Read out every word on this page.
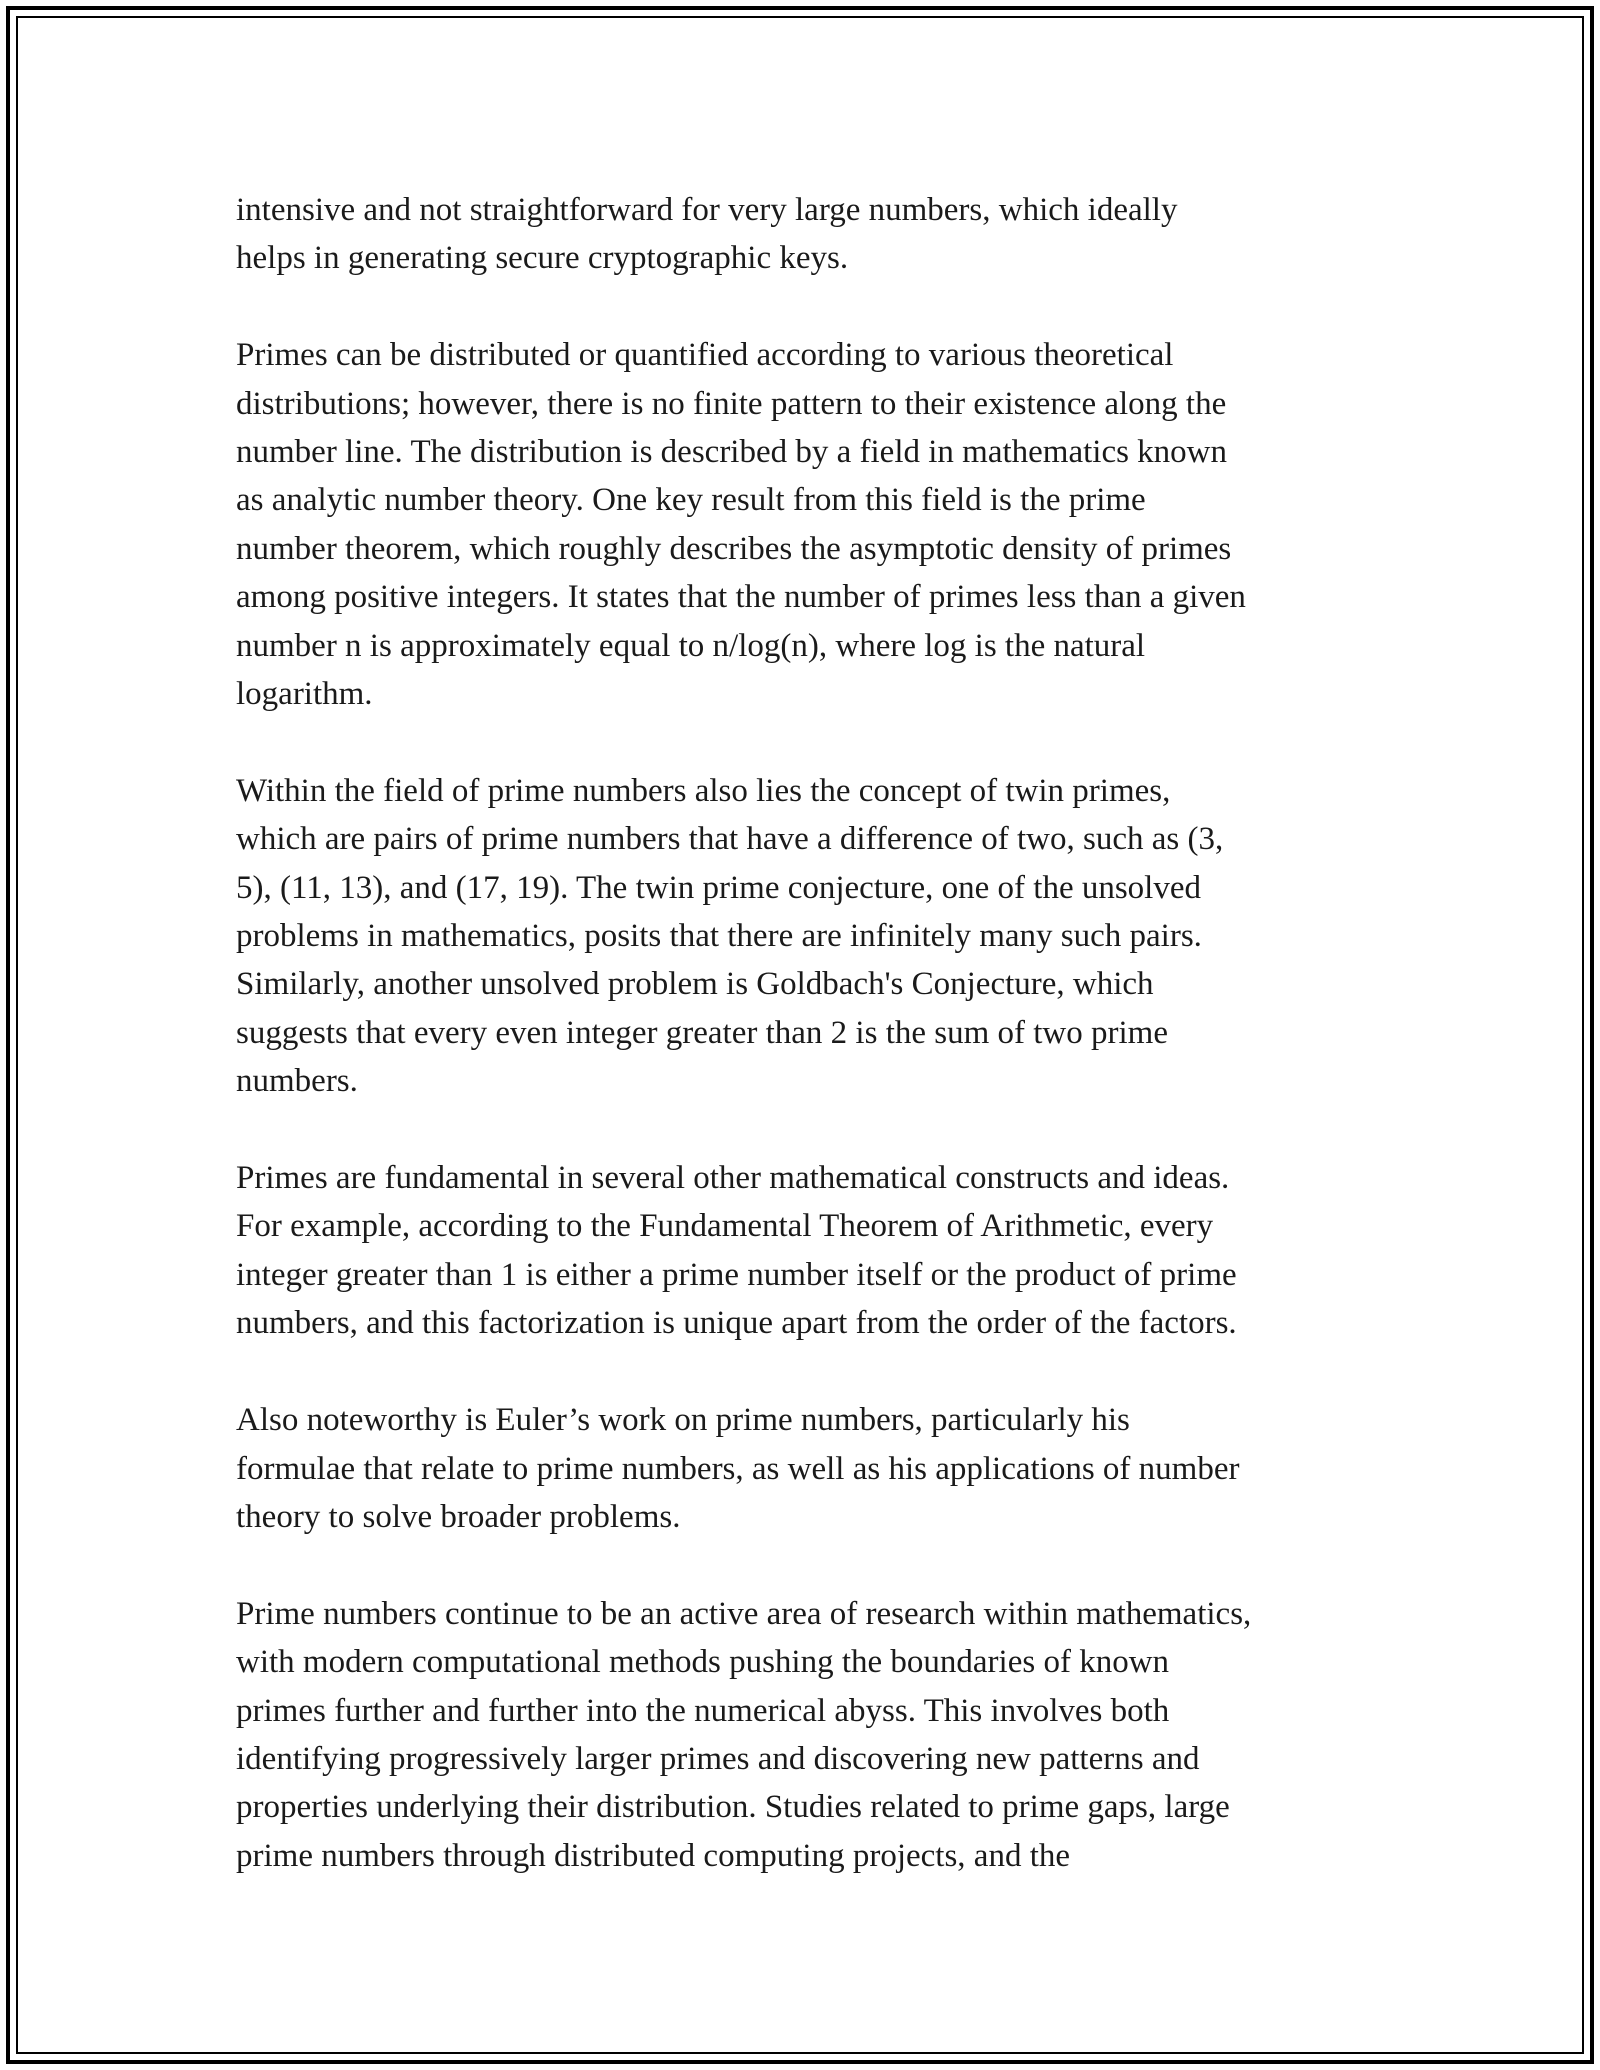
intensive and not straightforward for very large numbers, which ideally
helps in generating secure cryptographic keys.

Primes can be distributed or quantified according to various theoretical
distributions; however, there is no finite pattern to their existence along the
number line. The distribution is described by a field in mathematics known
as analytic number theory. One key result from this field is the prime
number theorem, which roughly describes the asymptotic density of primes
among positive integers. It states that the number of primes less than a given
number n is approximately equal to n/log(n), where log is the natural
logarithm.

Within the field of prime numbers also lies the concept of twin primes,
which are pairs of prime numbers that have a difference of two, such as (3,
5), (11, 13), and (17, 19). The twin prime conjecture, one of the unsolved
problems in mathematics, posits that there are infinitely many such pairs.
Similarly, another unsolved problem is Goldbach's Conjecture, which
suggests that every even integer greater than 2 is the sum of two prime
numbers.

Primes are fundamental in several other mathematical constructs and ideas.
For example, according to the Fundamental Theorem of Arithmetic, every
integer greater than 1 is either a prime number itself or the product of prime
numbers, and this factorization is unique apart from the order of the factors.

Also noteworthy is Euler’s work on prime numbers, particularly his
formulae that relate to prime numbers, as well as his applications of number
theory to solve broader problems.

Prime numbers continue to be an active area of research within mathematics,
with modern computational methods pushing the boundaries of known
primes further and further into the numerical abyss. This involves both
identifying progressively larger primes and discovering new patterns and
properties underlying their distribution. Studies related to prime gaps, large
prime numbers through distributed computing projects, and the
